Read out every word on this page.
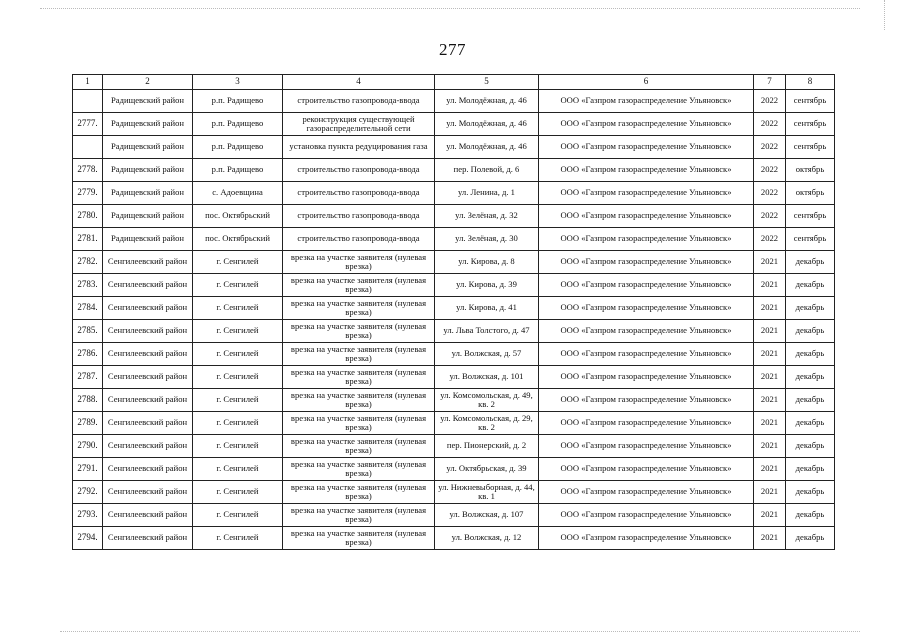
277
1	2	3	4	5	6	7	8
	Радищевский район	р.п. Радищево	строительство газопровода-ввода	ул. Молодёжная, д. 46	ООО «Газпром газораспределение Ульяновск»	2022	сентябрь
2777.	Радищевский район	р.п. Радищево	реконструкция существующей газораспределительной сети	ул. Молодёжная, д. 46	ООО «Газпром газораспределение Ульяновск»	2022	сентябрь
	Радищевский район	р.п. Радищево	установка пункта редуцирования газа	ул. Молодёжная, д. 46	ООО «Газпром газораспределение Ульяновск»	2022	сентябрь
2778.	Радищевский район	р.п. Радищево	строительство газопровода-ввода	пер. Полевой, д. 6	ООО «Газпром газораспределение Ульяновск»	2022	октябрь
2779.	Радищевский район	с. Адоевщина	строительство газопровода-ввода	ул. Ленина, д. 1	ООО «Газпром газораспределение Ульяновск»	2022	октябрь
2780.	Радищевский район	пос. Октябрьский	строительство газопровода-ввода	ул. Зелёная, д. 32	ООО «Газпром газораспределение Ульяновск»	2022	сентябрь
2781.	Радищевский район	пос. Октябрьский	строительство газопровода-ввода	ул. Зелёная, д. 30	ООО «Газпром газораспределение Ульяновск»	2022	сентябрь
2782.	Сенгилеевский район	г. Сенгилей	врезка на участке заявителя (нулевая врезка)	ул. Кирова, д. 8	ООО «Газпром газораспределение Ульяновск»	2021	декабрь
2783.	Сенгилеевский район	г. Сенгилей	врезка на участке заявителя (нулевая врезка)	ул. Кирова, д. 39	ООО «Газпром газораспределение Ульяновск»	2021	декабрь
2784.	Сенгилеевский район	г. Сенгилей	врезка на участке заявителя (нулевая врезка)	ул. Кирова, д. 41	ООО «Газпром газораспределение Ульяновск»	2021	декабрь
2785.	Сенгилеевский район	г. Сенгилей	врезка на участке заявителя (нулевая врезка)	ул. Льва Толстого, д. 47	ООО «Газпром газораспределение Ульяновск»	2021	декабрь
2786.	Сенгилеевский район	г. Сенгилей	врезка на участке заявителя (нулевая врезка)	ул. Волжская, д. 57	ООО «Газпром газораспределение Ульяновск»	2021	декабрь
2787.	Сенгилеевский район	г. Сенгилей	врезка на участке заявителя (нулевая врезка)	ул. Волжская, д. 101	ООО «Газпром газораспределение Ульяновск»	2021	декабрь
2788.	Сенгилеевский район	г. Сенгилей	врезка на участке заявителя (нулевая врезка)	ул. Комсомольская, д. 49, кв. 2	ООО «Газпром газораспределение Ульяновск»	2021	декабрь
2789.	Сенгилеевский район	г. Сенгилей	врезка на участке заявителя (нулевая врезка)	ул. Комсомольская, д. 29, кв. 2	ООО «Газпром газораспределение Ульяновск»	2021	декабрь
2790.	Сенгилеевский район	г. Сенгилей	врезка на участке заявителя (нулевая врезка)	пер. Пионерский, д. 2	ООО «Газпром газораспределение Ульяновск»	2021	декабрь
2791.	Сенгилеевский район	г. Сенгилей	врезка на участке заявителя (нулевая врезка)	ул. Октябрьская, д. 39	ООО «Газпром газораспределение Ульяновск»	2021	декабрь
2792.	Сенгилеевский район	г. Сенгилей	врезка на участке заявителя (нулевая врезка)	ул. Нижневыборная, д. 44, кв. 1	ООО «Газпром газораспределение Ульяновск»	2021	декабрь
2793.	Сенгилеевский район	г. Сенгилей	врезка на участке заявителя (нулевая врезка)	ул. Волжская, д. 107	ООО «Газпром газораспределение Ульяновск»	2021	декабрь
2794.	Сенгилеевский район	г. Сенгилей	врезка на участке заявителя (нулевая врезка)	ул. Волжская, д. 12	ООО «Газпром газораспределение Ульяновск»	2021	декабрь
